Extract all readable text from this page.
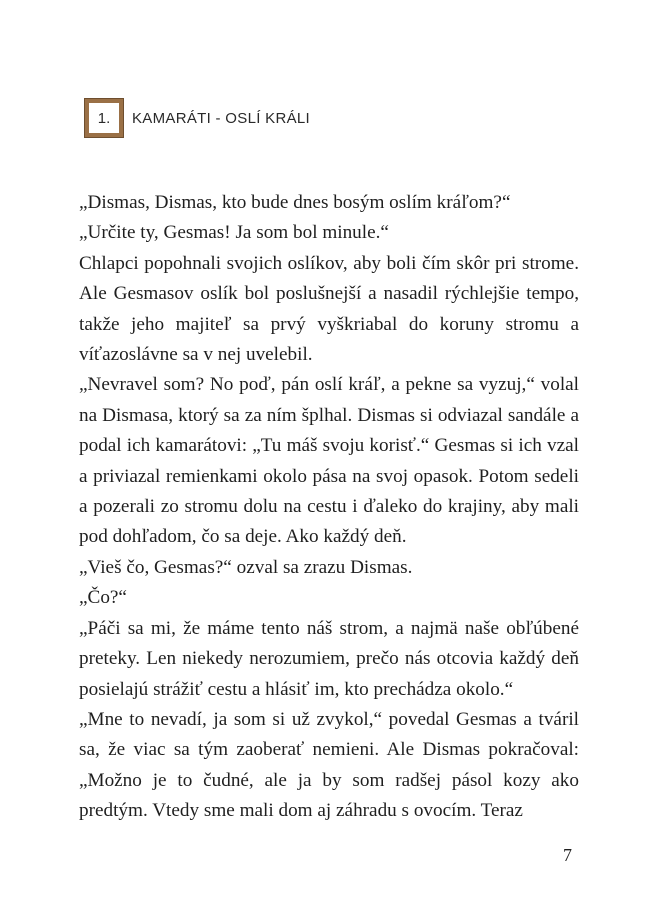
1. KAMARÁTI - OSLÍ KRÁLI

„Dismas, Dismas, kto bude dnes bosým oslím kráľom?“

„Určite ty, Gesmas! Ja som bol minule.“

Chlapci popohnali svojich oslíkov, aby boli čím skôr pri strome. Ale Gesmasov oslík bol poslušnejší a nasadil rýchlejšie tempo, takže jeho majiteľ sa prvý vyškriabal do koruny stromu a víťazoslávne sa v nej uvelebil.

„Nevravel som? No poď, pán oslí kráľ, a pekne sa vyzuj,“ volal na Dismasa, ktorý sa za ním šplhal. Dismas si odviazal sandále a podal ich kamarátovi: „Tu máš svoju korisť.“ Gesmas si ich vzal a priviazal remienkami okolo pása na svoj opasok. Potom sedeli a pozerali zo stromu dolu na cestu i ďaleko do krajiny, aby mali pod dohľadom, čo sa deje. Ako každý deň.

„Vieš čo, Gesmas?“ ozval sa zrazu Dismas.

„Čo?“

„Páči sa mi, že máme tento náš strom, a najmä naše obľúbené preteky. Len niekedy nerozumiem, prečo nás otcovia každý deň posielajú strážiť cestu a hlásiť im, kto prechádza okolo.“

„Mne to nevadí, ja som si už zvykol,“ povedal Gesmas a tváril sa, že viac sa tým zaoberať nemieni. Ale Dismas pokračoval: „Možno je to čudné, ale ja by som radšej pásol kozy ako predtým. Vtedy sme mali dom aj záhradu s ovocím. Teraz

7
